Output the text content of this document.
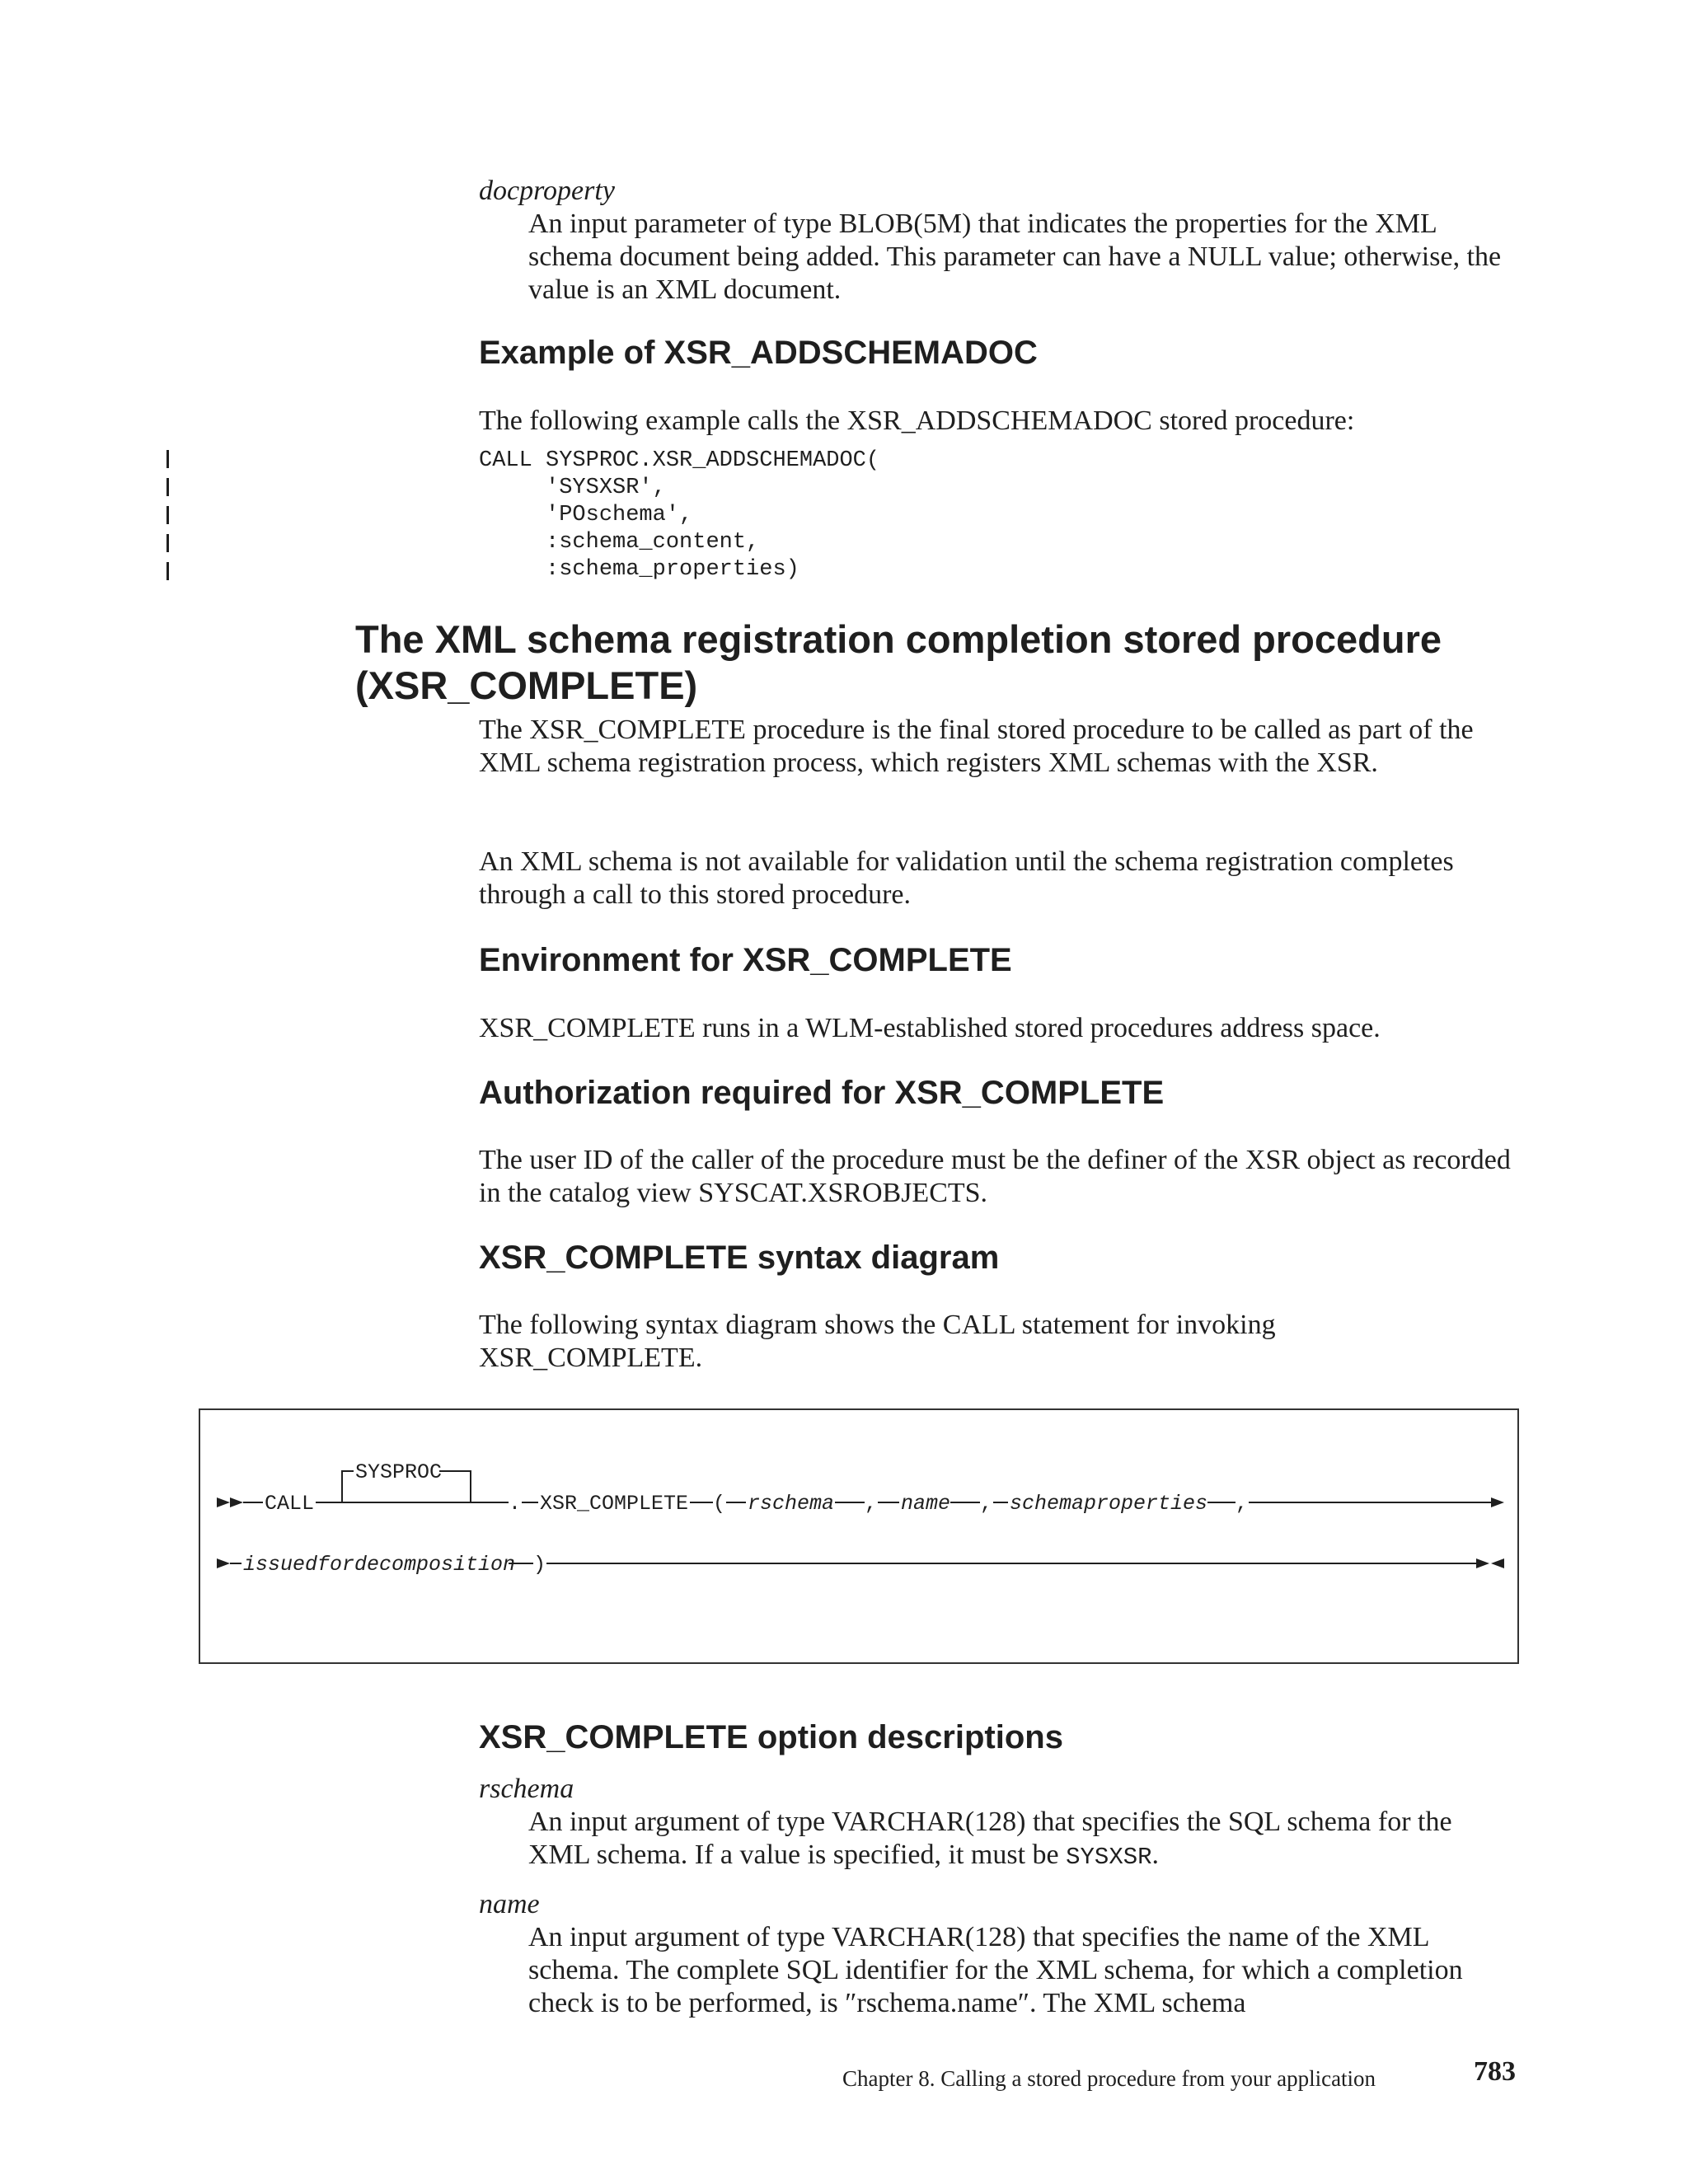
docproperty

An input parameter of type BLOB(5M) that indicates the properties for the XML schema document being added. This parameter can have a NULL value; otherwise, the value is an XML document.

Example of XSR_ADDSCHEMADOC

The following example calls the XSR_ADDSCHEMADOC stored procedure:

CALL SYSPROC.XSR_ADDSCHEMADOC(
'SYSXSR',
'POschema',
:schema_content,
:schema_properties)
The XML schema registration completion stored procedure
(XSR_COMPLETE)

The XSR_COMPLETE procedure is the final stored procedure to be called as part of the XML schema registration process, which registers XML schemas with the XSR.

An XML schema is not available for validation until the schema registration completes through a call to this stored procedure.

Environment for XSR_COMPLETE

XSR_COMPLETE runs in a WLM-established stored procedures address space.

Authorization required for XSR_COMPLETE

The user ID of the caller of the procedure must be the definer of the XSR object as recorded in the catalog view SYSCAT.XSROBJECTS.

XSR_COMPLETE syntax diagram

The following syntax diagram shows the CALL statement for invoking XSR_COMPLETE.

CALL
SYSPROC
. XSR_COMPLETE ( rschema , name , schemaproperties ,
issuedfordecomposition )
XSR_COMPLETE option descriptions
rschema

An input argument of type VARCHAR(128) that specifies the SQL schema for the XML schema. If a value is specified, it must be SYSXSR.

name

An input argument of type VARCHAR(128) that specifies the name of the XML schema. The complete SQL identifier for the XML schema, for which a completion check is to be performed, is ″rschema.name″. The XML schema

Chapter 8. Calling a stored procedure from your application	783
